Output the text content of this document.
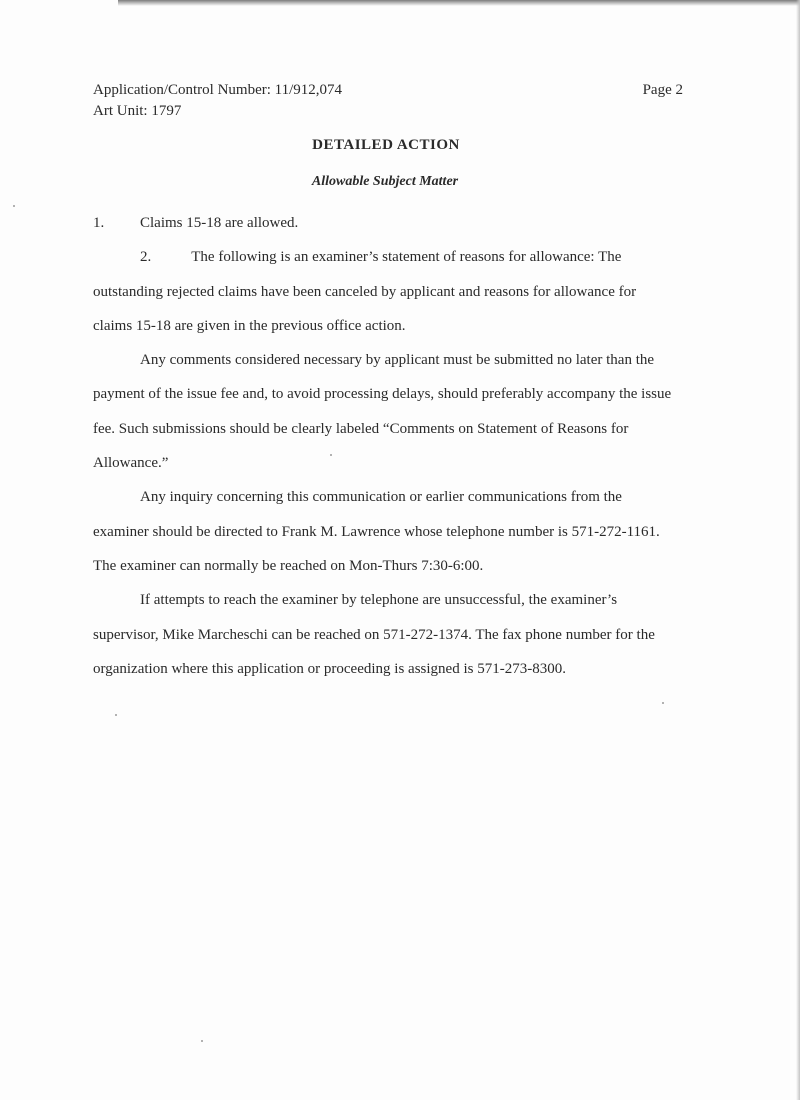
Application/Control Number: 11/912,074
Art Unit: 1797
Page 2
DETAILED ACTION
Allowable Subject Matter

1.	Claims 15-18 are allowed.

2.	The following is an examiner’s statement of reasons for allowance: The outstanding rejected claims have been canceled by applicant and reasons for allowance for claims 15-18 are given in the previous office action.

Any comments considered necessary by applicant must be submitted no later than the payment of the issue fee and, to avoid processing delays, should preferably accompany the issue fee. Such submissions should be clearly labeled “Comments on Statement of Reasons for Allowance.”

Any inquiry concerning this communication or earlier communications from the examiner should be directed to Frank M. Lawrence whose telephone number is 571-272-1161. The examiner can normally be reached on Mon-Thurs 7:30-6:00.

If attempts to reach the examiner by telephone are unsuccessful, the examiner’s supervisor, Mike Marcheschi can be reached on 571-272-1374. The fax phone number for the organization where this application or proceeding is assigned is 571-273-8300.
